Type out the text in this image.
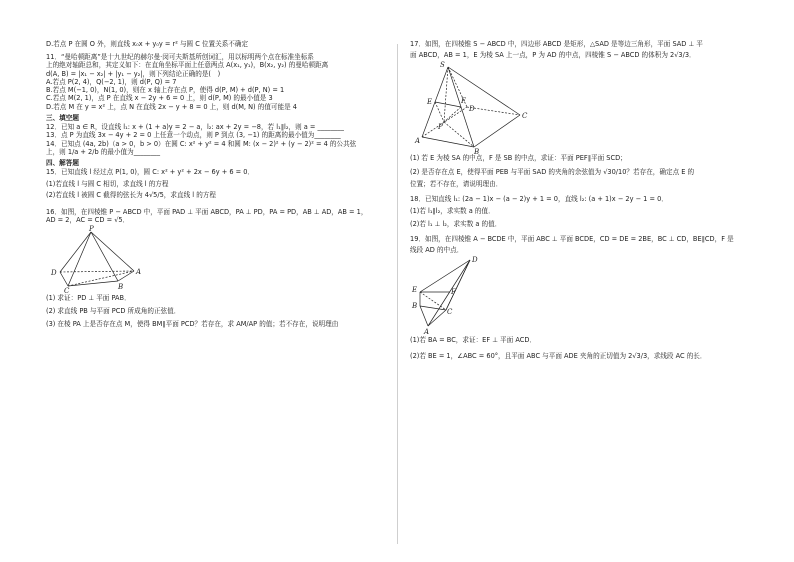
D.若点 P 在圆 O 外，则直线 x₀x + y₀y = r² 与圆 C 位置关系不确定

11．“曼哈顿距离”是十九世纪的赫尔曼·闵可夫斯基所创词汇，用以标明两个点在标准坐标系

上的绝对轴距总和，其定义如下：在直角坐标平面上任意两点 A(x₁, y₁)，B(x₂, y₂) 的曼哈顿距离

d(A, B) = |x₁ − x₂| + |y₁ − y₂|，则下列结论正确的是(　)

A.若点 P(2, 4)，Q(−2, 1)，则 d(P, Q) = 7

B.若点 M(−1, 0)，N(1, 0)，则在 x 轴上存在点 P，使得 d(P, M) + d(P, N) = 1

C.若点 M(2, 1)，点 P 在直线 x − 2y + 6 = 0 上，则 d(P, M) 的最小值是 3

D.若点 M 在 y = x² 上，点 N 在直线 2x − y + 8 = 0 上，则 d(M, N) 的值可能是 4

三、填空题

12．已知 a ∈ R，设直线 l₁: x + (1 + a)y = 2 − a，l₂: ax + 2y = −8，若 l₁∥l₂，则 a = ________

13．点 P 为直线 3x − 4y + 2 = 0 上任意一个动点，则 P 到点 (3, −1) 的距离的最小值为________

14．已知点 (4a, 2b)（a > 0，b > 0）在圆 C: x² + y² = 4 和圆 M: (x − 2)² + (y − 2)² = 4 的公共弦

上，则 1/a + 2/b 的最小值为________

四、解答题

15．已知直线 l 经过点 P(1, 0)，圆 C: x² + y² + 2x − 6y + 6 = 0．

(1)若直线 l 与圆 C 相切，求直线 l 的方程

(2)若直线 l 被圆 C 截得的弦长为 4√5/5，求直线 l 的方程

16．如图，在四棱锥 P − ABCD 中，平面 PAD ⊥ 平面 ABCD，PA ⊥ PD，PA = PD，AB ⊥ AD，AB = 1，

AD = 2，AC = CD = √5．

P
D	A
C	B

(1) 求证：PD ⊥ 平面 PAB．

(2) 求直线 PB 与平面 PCD 所成角的正弦值．

(3) 在棱 PA 上是否存在点 M，使得 BM∥平面 PCD？若存在，求 AM/AP 的值；若不存在，说明理由

17．如图，在四棱锥 S − ABCD 中，四边形 ABCD 是矩形，△SAD 是等边三角形，平面 SAD ⊥ 平

面 ABCD，AB = 1，E 为棱 SA 上一点，P 为 AD 的中点，四棱锥 S − ABCD 的体积为 2√3/3．

S
E	F
D
C
P
A
B

(1) 若 E 为棱 SA 的中点，F 是 SB 的中点，求证：平面 PEF∥平面 SCD；

(2) 是否存在点 E，使得平面 PEB 与平面 SAD 的夹角的余弦值为 √30/10？若存在，确定点 E 的

位置；若不存在，请说明理由．

18．已知直线 l₁: (2a − 1)x − (a − 2)y + 1 = 0，直线 l₂: (a + 1)x − 2y − 1 = 0．

(1)若 l₁∥l₂，求实数 a 的值．

(2)若 l₁ ⊥ l₂，求实数 a 的值．

19．如图，在四棱锥 A − BCDE 中，平面 ABC ⊥ 平面 BCDE，CD = DE = 2BE，BC ⊥ CD，BE∥CD，F 是

线段 AD 的中点．

D
E	F
B
C
A

(1)若 BA = BC，求证：EF ⊥ 平面 ACD．

(2)若 BE = 1，∠ABC = 60°，且平面 ABC 与平面 ADE 夹角的正切值为 2√3/3，求线段 AC 的长．
